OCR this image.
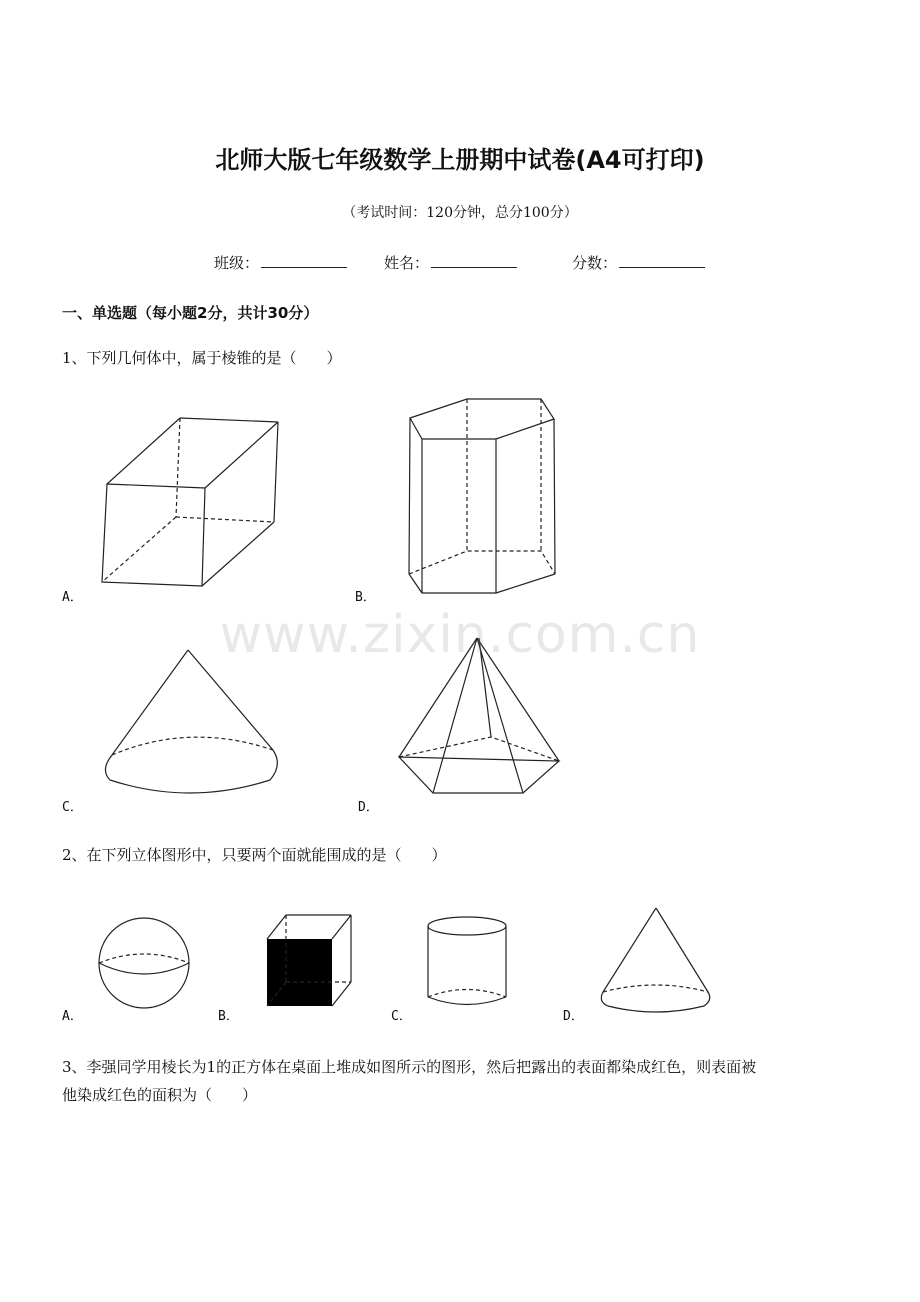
北师大版七年级数学上册期中试卷(A4可打印)
（考试时间：120分钟，总分100分）
班级：	姓名：	分数：
一、单选题（每小题2分，共计30分）
1、下列几何体中，属于棱锥的是（　　）
A．	B．
C．	D．
www.zixin.com.cn
2、在下列立体图形中，只要两个面就能围成的是（　　）
A．	B．	C．	D．
3、李强同学用棱长为1的正方体在桌面上堆成如图所示的图形，然后把露出的表面都染成红色，则表面被
他染成红色的面积为（　　）
